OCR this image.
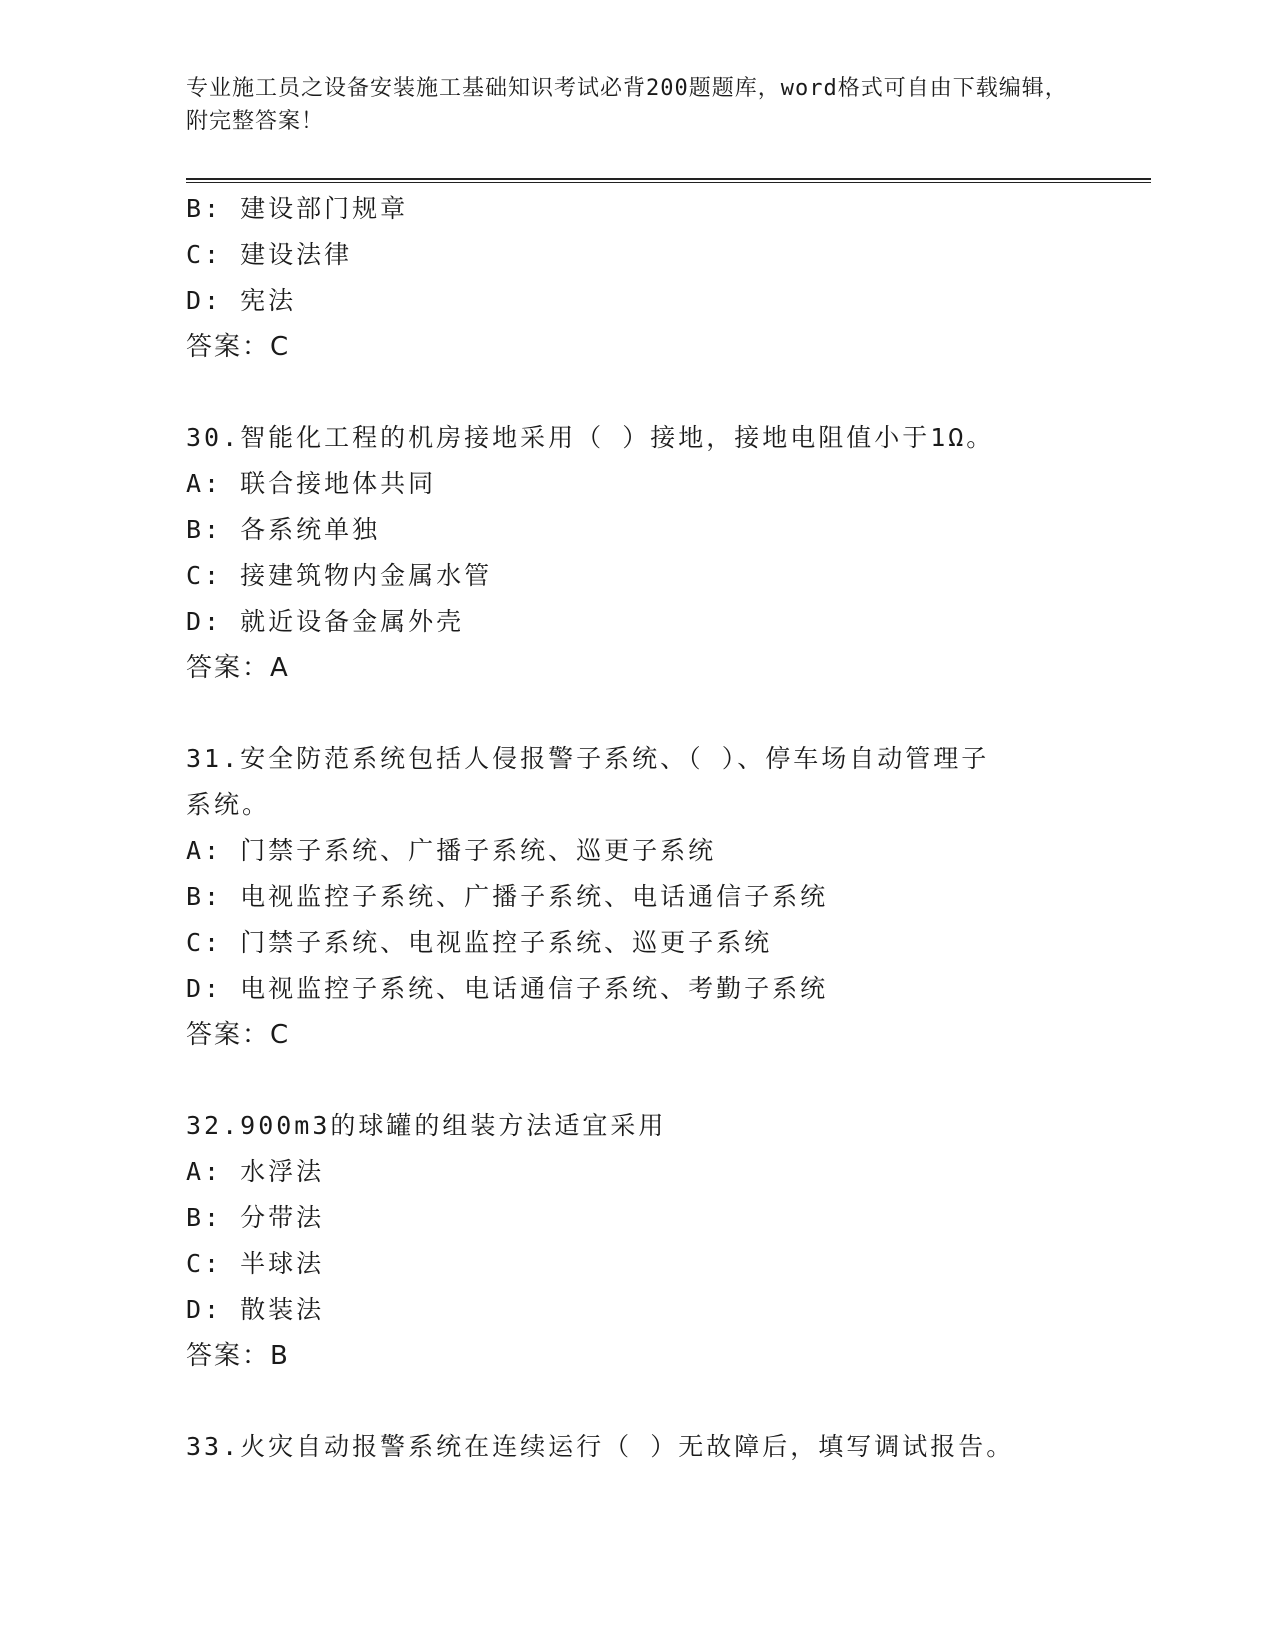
专业施工员之设备安装施工基础知识考试必背200题题库，word格式可自由下载编辑，附完整答案！
B: 建设部门规章
C: 建设法律
D: 宪法
答案：C
30.智能化工程的机房接地采用（ ）接地，接地电阻值小于1Ω。
A: 联合接地体共同
B: 各系统单独
C: 接建筑物内金属水管
D: 就近设备金属外壳
答案：A
31.安全防范系统包括人侵报警子系统、（ ）、停车场自动管理子系统。
A: 门禁子系统、广播子系统、巡更子系统
B: 电视监控子系统、广播子系统、电话通信子系统
C: 门禁子系统、电视监控子系统、巡更子系统
D: 电视监控子系统、电话通信子系统、考勤子系统
答案：C
32.900m3的球罐的组装方法适宜采用
A: 水浮法
B: 分带法
C: 半球法
D: 散装法
答案：B
33.火灾自动报警系统在连续运行（ ）无故障后，填写调试报告。
